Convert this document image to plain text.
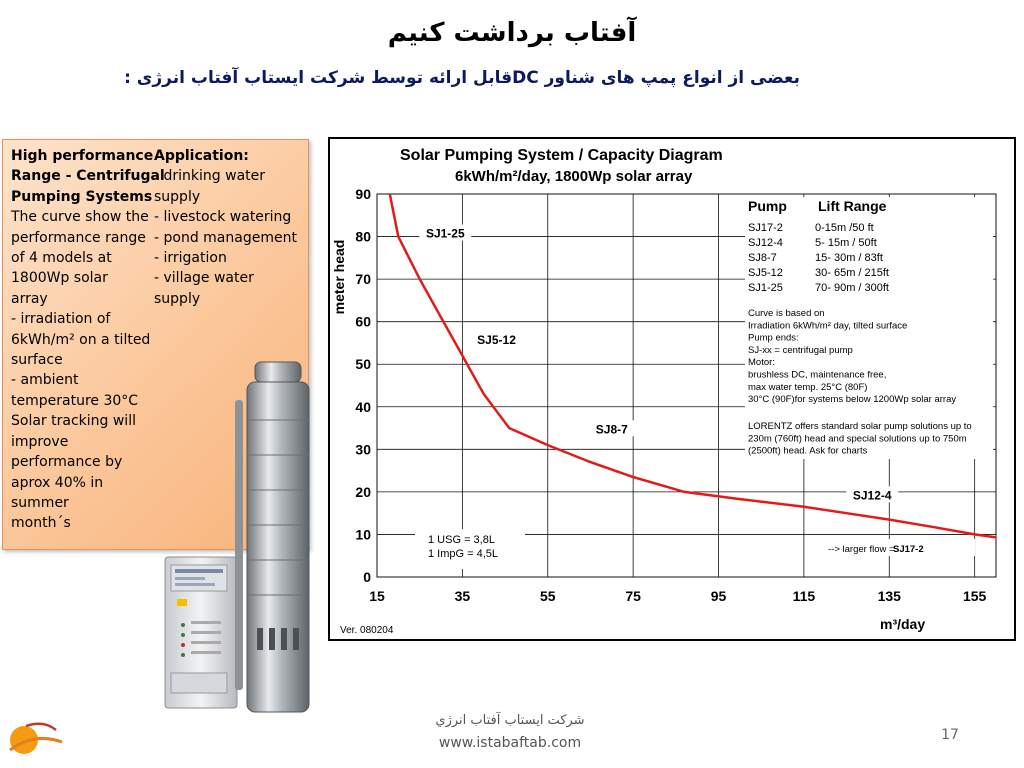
آفتاب برداشت کنیم
بعضی از انواع پمپ های شناور DCقابل ارائه توسط شرکت ایستاب آفتاب انرژی :
High performance
Range - Centrifugal
Pumping Systems
The curve show the
performance range
of 4 models at
1800Wp solar
array
- irradiation of
6kWh/m² on a tilted
surface
- ambient
temperature 30°C
Solar tracking will
improve
performance by
aprox 40% in
summer
month´s
Application:
- drinking water
supply
- livestock watering
- pond management
- irrigation
- village water
supply
Solar Pumping System / Capacity Diagram
6kWh/m²/day, 1800Wp solar array
0
10
20
30
40
50
60
70
80
90
15	35	55	75	95	115	135	155
meter head
m³/day
SJ1-25
SJ5-12
SJ8-7
SJ12-4
Pump Lift Range
SJ17-2	0-15m /50 ft
SJ12-4	5- 15m / 50ft
SJ8-7	15- 30m / 83ft
SJ5-12	30- 65m / 215ft
SJ1-25	70- 90m / 300ft
Curve is based on
Irradiation 6kWh/m² day, tilted surface
Pump ends:
SJ-xx = centrifugal pump
Motor:
brushless DC, maintenance free,
max water temp. 25°C (80F)
30°C (90F)for systems below 1200Wp solar array
LORENTZ offers standard solar pump solutions up to
230m (760ft) head and special solutions up to 750m
(2500ft) head. Ask for charts
1 USG = 3,8L
1 ImpG = 4,5L	--> larger flow =
SJ17-2
Ver. 080204
شركت ايستاب آفتاب انرژي
www.istabaftab.com	17
